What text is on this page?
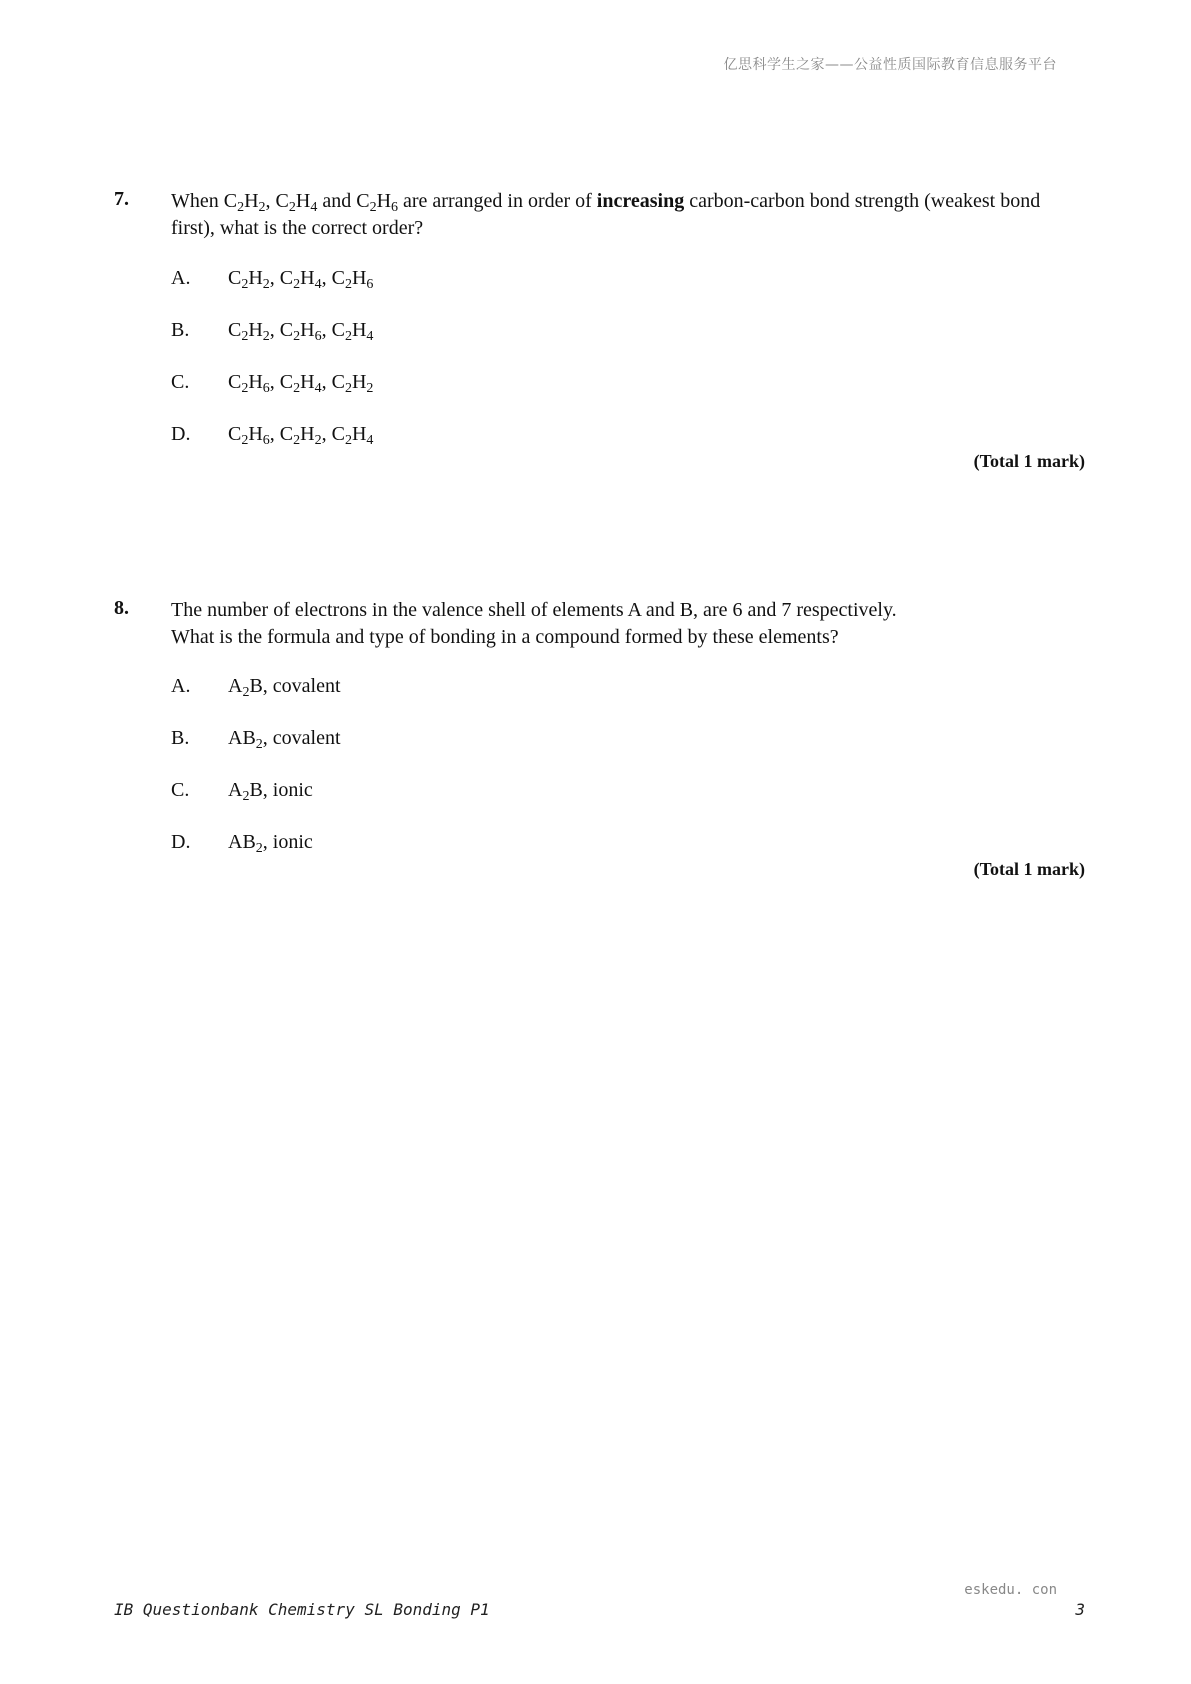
亿思科学生之家——公益性质国际教育信息服务平台
7. When $C_2H_2$, $C_2H_4$ and $C_2H_6$ are arranged in order of increasing carbon-carbon bond strength (weakest bond first), what is the correct order?
A. $C_2H_2$, $C_2H_4$, $C_2H_6$
B. $C_2H_2$, $C_2H_6$, $C_2H_4$
C. $C_2H_6$, $C_2H_4$, $C_2H_2$
D. $C_2H_6$, $C_2H_2$, $C_2H_4$
(Total 1 mark)
8. The number of electrons in the valence shell of elements A and B, are 6 and 7 respectively.
What is the formula and type of bonding in a compound formed by these elements?
A. $A_2B$, covalent
B. $AB_2$, covalent
C. $A_2B$, ionic
D. $AB_2$, ionic
(Total 1 mark)
eskedu. con
IB Questionbank Chemistry SL Bonding P1	3
